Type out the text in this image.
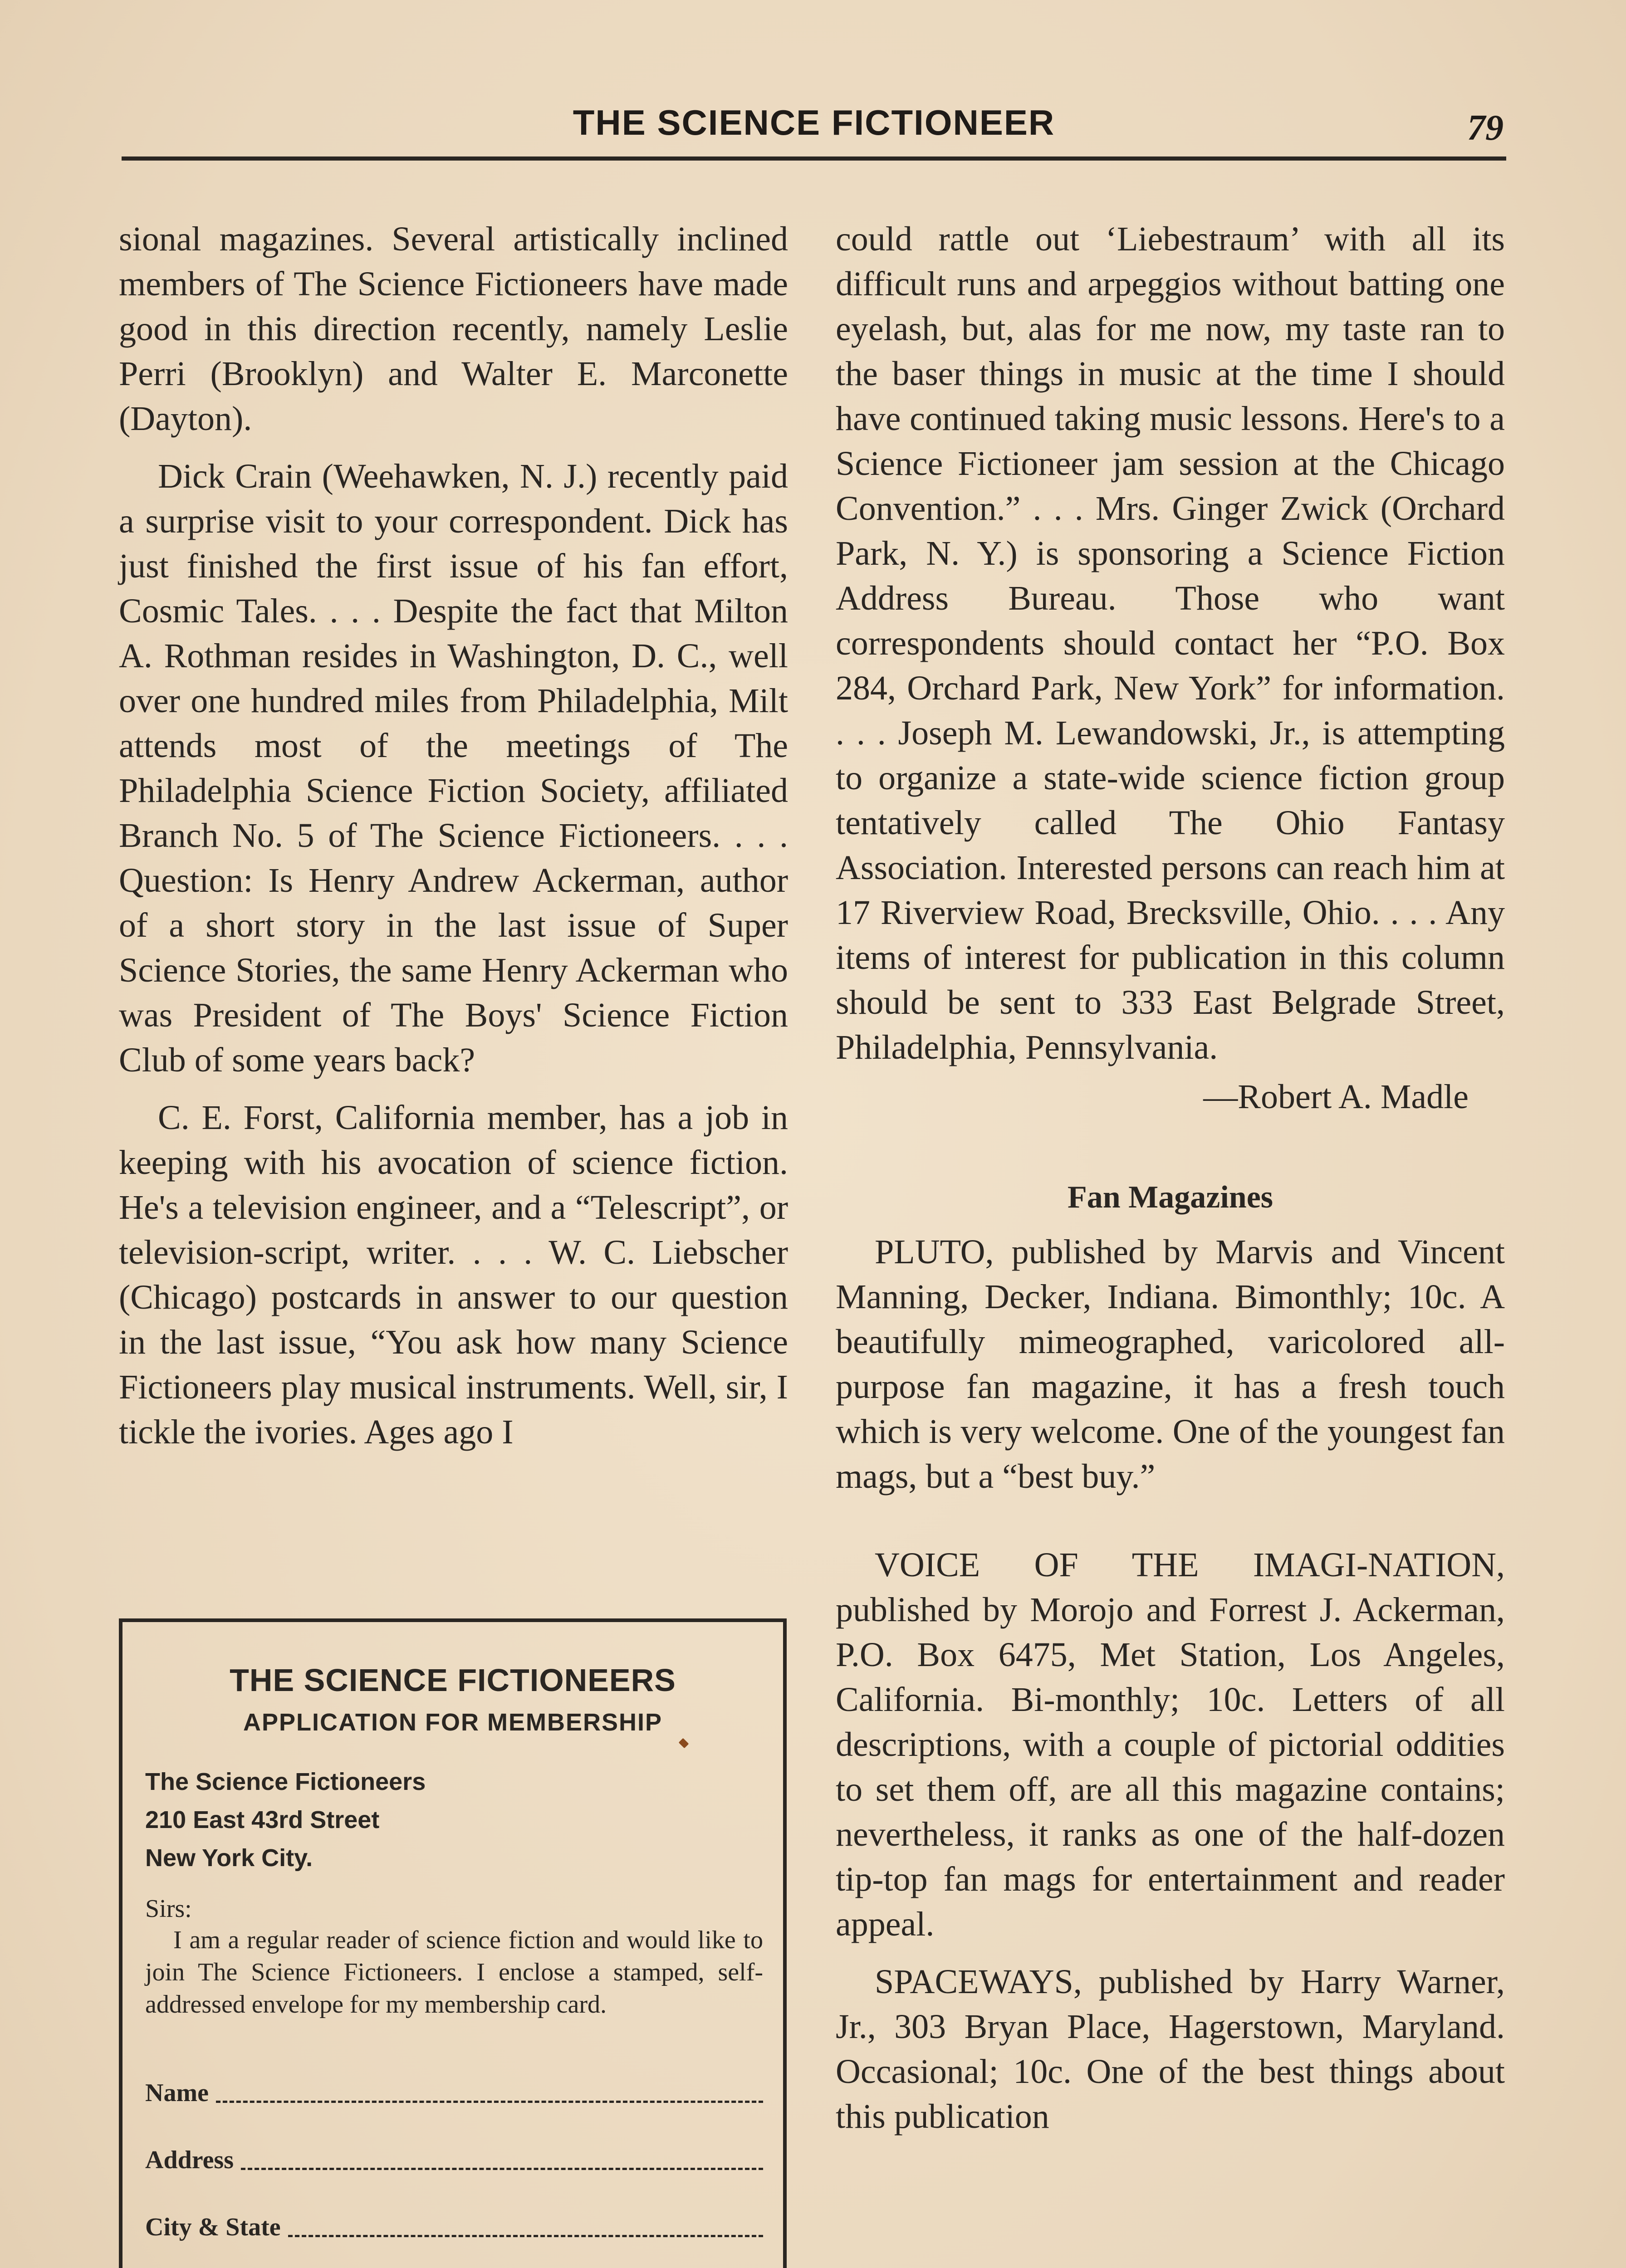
THE SCIENCE FICTIONEER	79

sional magazines. Several artistically inclined members of The Science Fictioneers have made good in this direction recently, namely Leslie Perri (Brooklyn) and Walter E. Marconette (Dayton).

Dick Crain (Weehawken, N. J.) recently paid a surprise visit to your correspondent. Dick has just finished the first issue of his fan effort, Cosmic Tales. . . . Despite the fact that Milton A. Rothman resides in Washington, D. C., well over one hundred miles from Philadelphia, Milt attends most of the meetings of The Philadelphia Science Fiction Society, affiliated Branch No. 5 of The Science Fictioneers. . . . Question: Is Henry Andrew Ackerman, author of a short story in the last issue of Super Science Stories, the same Henry Ackerman who was President of The Boys' Science Fiction Club of some years back?

C. E. Forst, California member, has a job in keeping with his avocation of science fiction. He's a television engineer, and a “Telescript”, or television-script, writer. . . . W. C. Liebscher (Chicago) postcards in answer to our question in the last issue, “You ask how many Science Fictioneers play musical instruments. Well, sir, I tickle the ivories. Ages ago I

could rattle out ‘Liebestraum’ with all its difficult runs and arpeggios without batting one eyelash, but, alas for me now, my taste ran to the baser things in music at the time I should have continued taking music lessons. Here's to a Science Fictioneer jam session at the Chicago Convention.” . . . Mrs. Ginger Zwick (Orchard Park, N. Y.) is sponsoring a Science Fiction Address Bureau. Those who want correspondents should contact her “P.O. Box 284, Orchard Park, New York” for information. . . . Joseph M. Lewandowski, Jr., is attempting to organize a state-wide science fiction group tentatively called The Ohio Fantasy Association. Interested persons can reach him at 17 Riverview Road, Brecksville, Ohio. . . . Any items of interest for publication in this column should be sent to 333 East Belgrade Street, Philadelphia, Pennsylvania.

—Robert A. Madle

Fan Magazines

PLUTO, published by Marvis and Vincent Manning, Decker, Indiana. Bimonthly; 10c. A beautifully mimeographed, varicolored all-purpose fan magazine, it has a fresh touch which is very welcome. One of the youngest fan mags, but a “best buy.”

VOICE OF THE IMAGI-NATION, published by Morojo and Forrest J. Ackerman, P.O. Box 6475, Met Station, Los Angeles, California. Bi-monthly; 10c. Letters of all descriptions, with a couple of pictorial oddities to set them off, are all this magazine contains; nevertheless, it ranks as one of the half-dozen tip-top fan mags for entertainment and reader appeal.

SPACEWAYS, published by Harry Warner, Jr., 303 Bryan Place, Hagerstown, Maryland. Occasional; 10c. One of the best things about this publication

THE SCIENCE FICTIONEERS
APPLICATION FOR MEMBERSHIP
The Science Fictioneers
210 East 43rd Street
New York City.
Sirs:
I am a regular reader of science fiction and would like to join The Science Fictioneers. I enclose a stamped, self-addressed envelope for my membership card.
Name
Address
City & State
